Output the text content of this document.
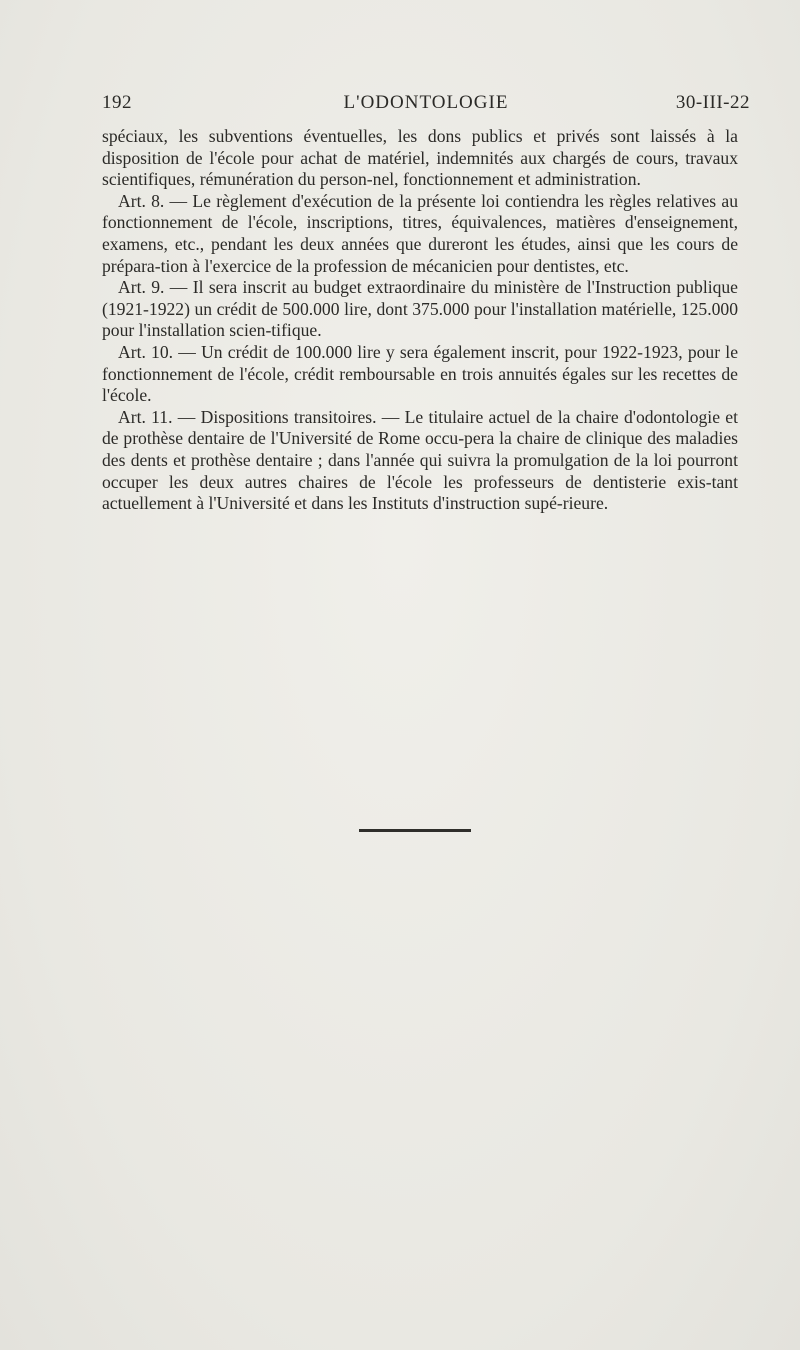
192	L'ODONTOLOGIE	30-III-22

spéciaux, les subventions éventuelles, les dons publics et privés sont laissés à la disposition de l'école pour achat de matériel, indemnités aux chargés de cours, travaux scientifiques, rémunération du person-nel, fonctionnement et administration.

Art. 8. — Le règlement d'exécution de la présente loi contiendra les règles relatives au fonctionnement de l'école, inscriptions, titres, équivalences, matières d'enseignement, examens, etc., pendant les deux années que dureront les études, ainsi que les cours de prépara-tion à l'exercice de la profession de mécanicien pour dentistes, etc.

Art. 9. — Il sera inscrit au budget extraordinaire du ministère de l'Instruction publique (1921-1922) un crédit de 500.000 lire, dont 375.000 pour l'installation matérielle, 125.000 pour l'installation scien-tifique.

Art. 10. — Un crédit de 100.000 lire y sera également inscrit, pour 1922-1923, pour le fonctionnement de l'école, crédit remboursable en trois annuités égales sur les recettes de l'école.

Art. 11. — Dispositions transitoires. — Le titulaire actuel de la chaire d'odontologie et de prothèse dentaire de l'Université de Rome occu-pera la chaire de clinique des maladies des dents et prothèse dentaire ; dans l'année qui suivra la promulgation de la loi pourront occuper les deux autres chaires de l'école les professeurs de dentisterie exis-tant actuellement à l'Université et dans les Instituts d'instruction supé-rieure.
